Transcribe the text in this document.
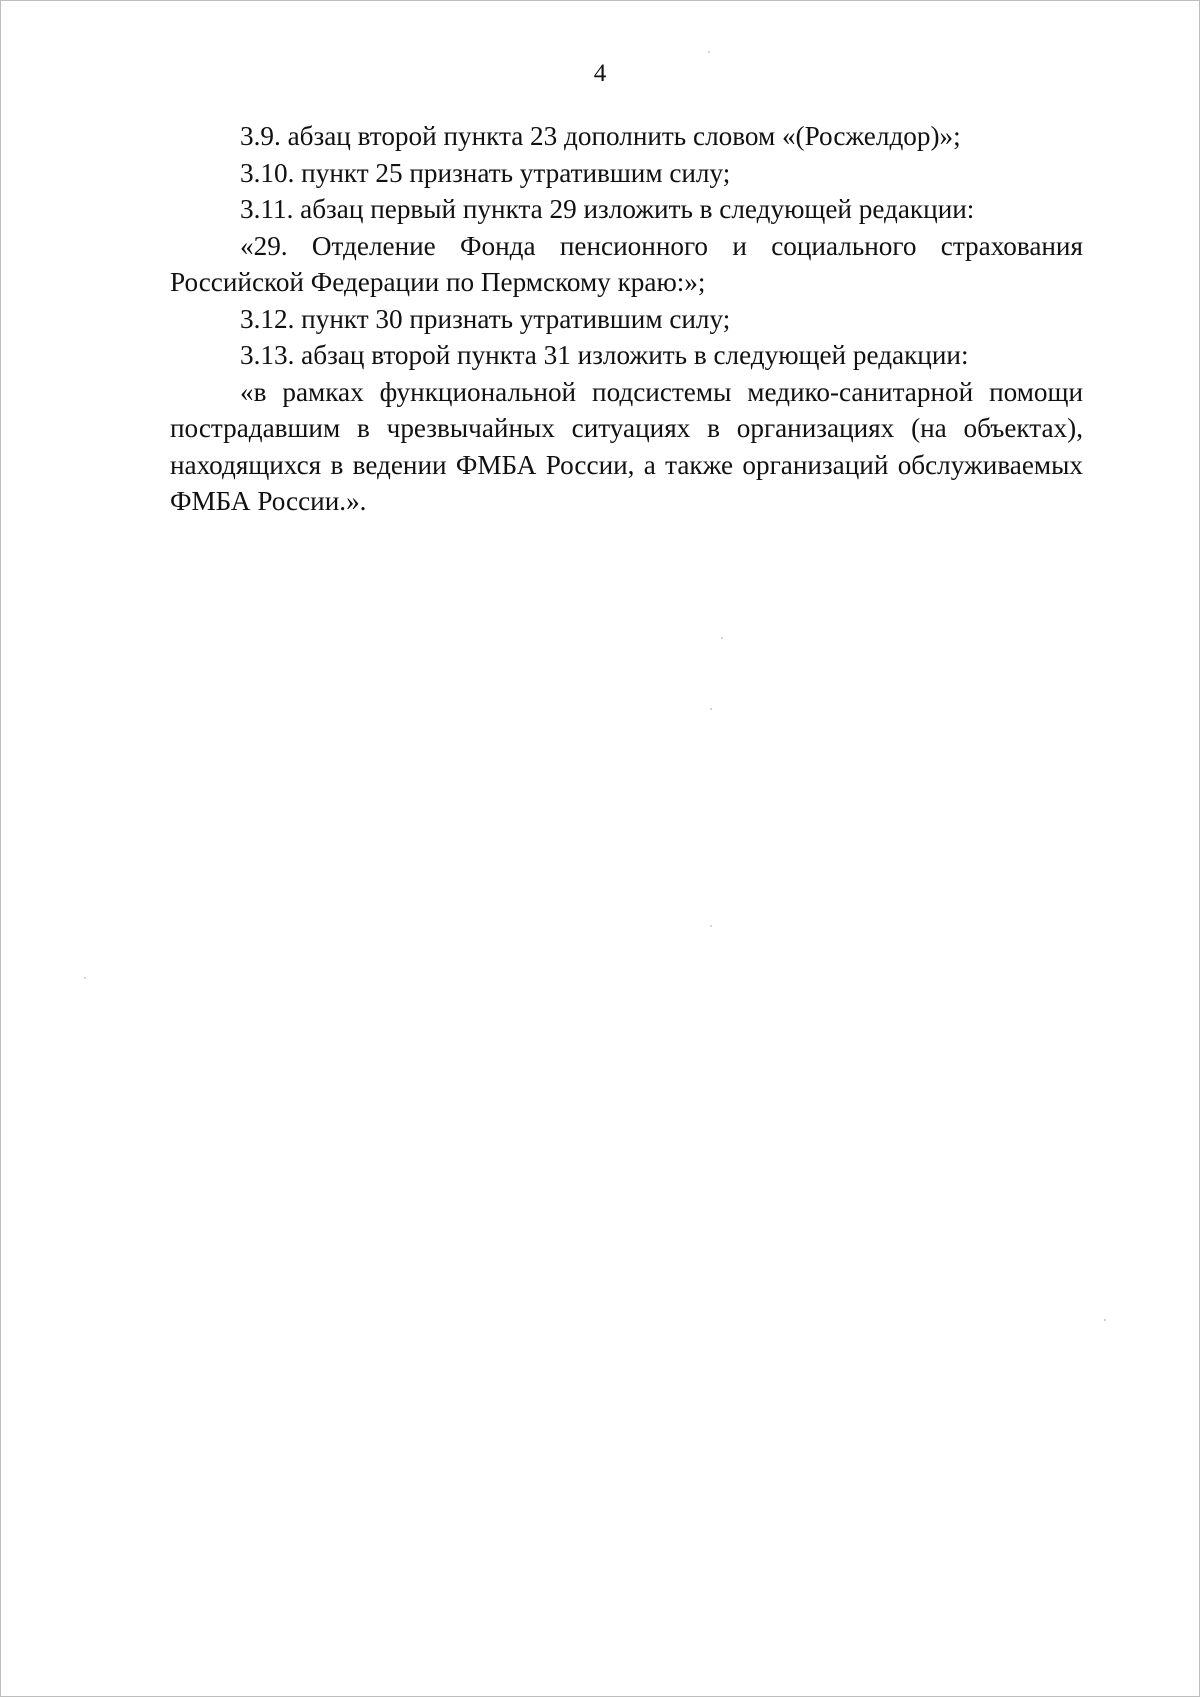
4

3.9. абзац второй пункта 23 дополнить словом «(Росжелдор)»;

3.10. пункт 25 признать утратившим силу;

3.11. абзац первый пункта 29 изложить в следующей редакции:

«29. Отделение Фонда пенсионного и социального страхования Российской Федерации по Пермскому краю:»;

3.12. пункт 30 признать утратившим силу;

3.13. абзац второй пункта 31 изложить в следующей редакции:

«в рамках функциональной подсистемы медико-санитарной помощи пострадавшим в чрезвычайных ситуациях в организациях (на объектах), находящихся в ведении ФМБА России, а также организаций обслуживаемых ФМБА России.».
